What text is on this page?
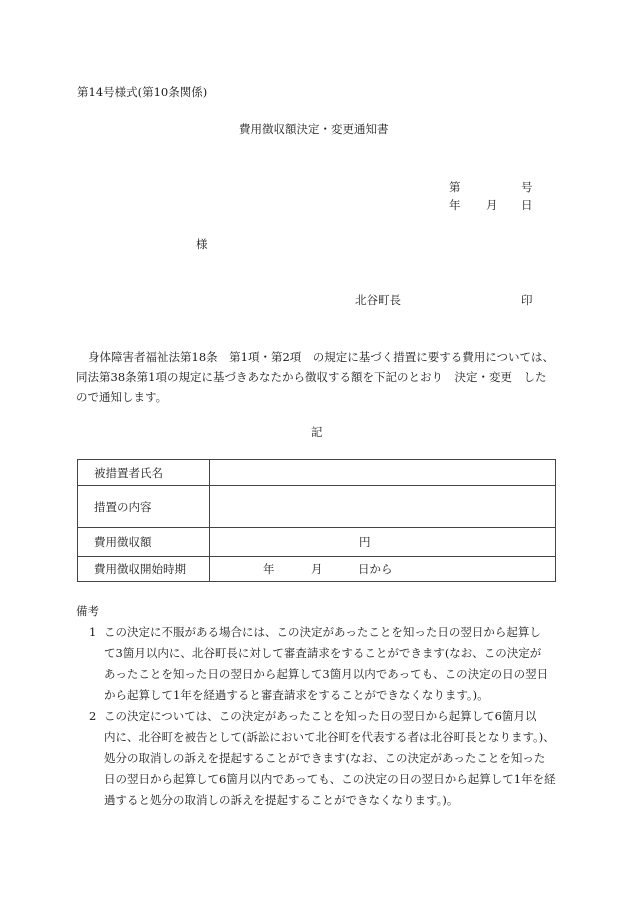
第14号様式(第10条関係)
費用徴収額決定・変更通知書
第	号
年 月 日
様
北谷町長	印
身体障害者福祉法第18条　第1項・第2項　の規定に基づく措置に要する費用については、
同法第38条第1項の規定に基づきあなたから徴収する額を下記のとおり　決定・変更　した
ので通知します。
記
被措置者氏名	
措置の内容	
費用徴収額	円

費用徴収開始時期	年 月 日から
備考
1 この決定に不服がある場合には、この決定があったことを知った日の翌日から起算し
て3箇月以内に、北谷町長に対して審査請求をすることができます(なお、この決定が
あったことを知った日の翌日から起算して3箇月以内であっても、この決定の日の翌日
から起算して1年を経過すると審査請求をすることができなくなります。)。
2 この決定については、この決定があったことを知った日の翌日から起算して6箇月以
内に、北谷町を被告として(訴訟において北谷町を代表する者は北谷町長となります。)、
処分の取消しの訴えを提起することができます(なお、この決定があったことを知った
日の翌日から起算して6箇月以内であっても、この決定の日の翌日から起算して1年を経
過すると処分の取消しの訴えを提起することができなくなります。)。
